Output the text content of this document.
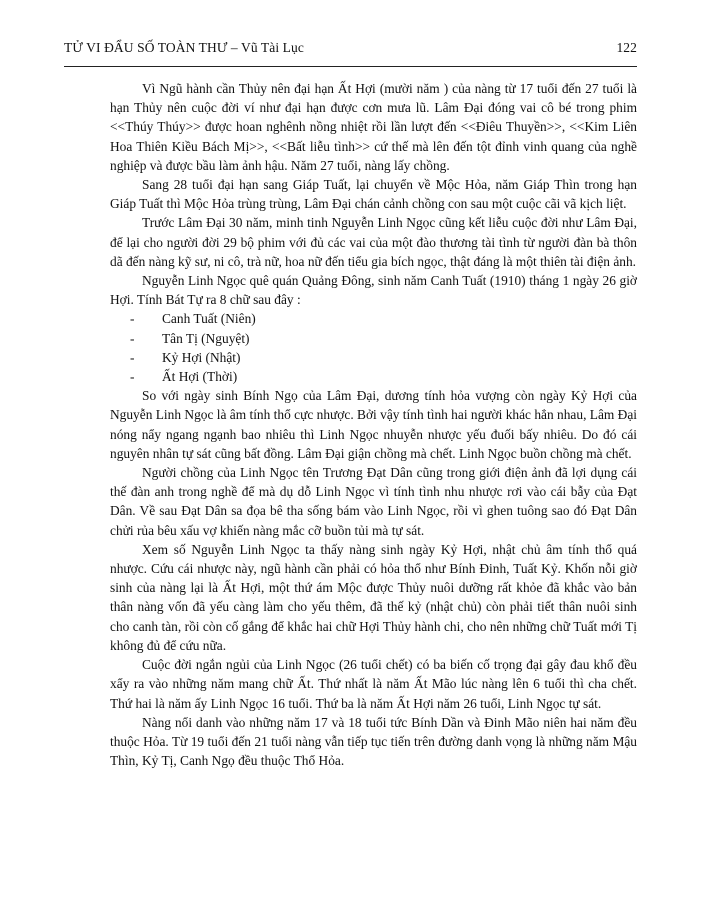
TỬ VI ĐẨU SỐ TOÀN THƯ – Vũ Tài Lục	122

Vì Ngũ hành cần Thủy nên đại hạn Ất Hợi (mười năm ) của nàng từ 17 tuổi đến 27 tuổi là hạn Thủy nên cuộc đời ví như đại hạn được cơn mưa lũ. Lâm Đại đóng vai cô bé trong phim <<Thúy Thúy>> được hoan nghênh nồng nhiệt rồi lần lượt đến <<Điêu Thuyền>>, <<Kim Liên Hoa Thiên Kiều Bách Mị>>, <<Bất liễu tình>> cứ thế mà lên đến tột đỉnh vinh quang của nghề nghiệp và được bầu làm ảnh hậu. Năm 27 tuổi, nàng lấy chồng.

Sang 28 tuổi đại hạn sang Giáp Tuất, lại chuyển về Mộc Hỏa, năm Giáp Thìn trong hạn Giáp Tuất thì Mộc Hỏa trùng trùng, Lâm Đại chán cảnh chồng con sau một cuộc cãi vã kịch liệt.

Trước Lâm Đại 30 năm, minh tinh Nguyễn Linh Ngọc cũng kết liễu cuộc đời như Lâm Đại, để lại cho người đời 29 bộ phim với đủ các vai của một đào thương tài tình từ người đàn bà thôn dã đến nàng kỹ sư, ni cô, trà nữ, hoa nữ đến tiểu gia bích ngọc, thật đáng là một thiên tài điện ảnh.

Nguyễn Linh Ngọc quê quán Quảng Đông, sinh năm Canh Tuất (1910) tháng 1 ngày 26 giờ Hợi. Tính Bát Tự ra 8 chữ sau đây :

- Canh Tuất (Niên)
- Tân Tị (Nguyệt)
- Kỷ Hợi (Nhật)
- Ất Hợi (Thời)

So với ngày sinh Bính Ngọ của Lâm Đại, dương tính hỏa vượng còn ngày Kỷ Hợi của Nguyễn Linh Ngọc là âm tính thổ cực nhược. Bởi vậy tính tình hai người khác hẳn nhau, Lâm Đại nóng nẩy ngang ngạnh bao nhiêu thì Linh Ngọc nhuyễn nhược yếu đuối bấy nhiêu. Do đó cái nguyên nhân tự sát cũng bất đồng. Lâm Đại giận chồng mà chết. Linh Ngọc buồn chồng mà chết.

Người chồng của Linh Ngọc tên Trương Đạt Dân cũng trong giới điện ảnh đã lợi dụng cái thế đàn anh trong nghề để mà dụ dỗ Linh Ngọc vì tính tình nhu nhược rơi vào cái bẫy của Đạt Dân. Về sau Đạt Dân sa đọa bê tha sống bám vào Linh Ngọc, rồi vì ghen tuông sao đó Đạt Dân chửi rủa bêu xấu vợ khiến nàng mắc cỡ buồn tủi mà tự sát.

Xem số Nguyễn Linh Ngọc ta thấy nàng sinh ngày Kỷ Hợi, nhật chủ âm tính thổ quá nhược. Cứu cái nhược này, ngũ hành cần phải có hỏa thổ như Bính Đinh, Tuất Kỷ. Khốn nỗi giờ sinh của nàng lại là Ất Hợi, một thứ ám Mộc được Thủy nuôi dưỡng rất khỏe đã khắc vào bản thân nàng vốn đã yếu càng làm cho yếu thêm, đã thế kỷ (nhật chủ) còn phải tiết thân nuôi sinh cho canh tàn, rồi còn cố gắng để khắc hai chữ Hợi Thủy hành chi, cho nên những chữ Tuất mới Tị không đủ để cứu nữa.

Cuộc đời ngắn ngủi của Linh Ngọc (26 tuổi chết) có ba biến cố trọng đại gây đau khổ đều xẩy ra vào những năm mang chữ Ất. Thứ nhất là năm Ất Mão lúc nàng lên 6 tuổi thì cha chết. Thứ hai là năm ấy Linh Ngọc 16 tuổi. Thứ ba là năm Ất Hợi năm 26 tuổi, Linh Ngọc tự sát.

Nàng nổi danh vào những năm 17 và 18 tuổi tức Bính Dần và Đinh Mão niên hai năm đều thuộc Hỏa. Từ 19 tuổi đến 21 tuổi nàng vẫn tiếp tục tiến trên đường danh vọng là những năm Mậu Thìn, Kỷ Tị, Canh Ngọ đều thuộc Thổ Hỏa.
